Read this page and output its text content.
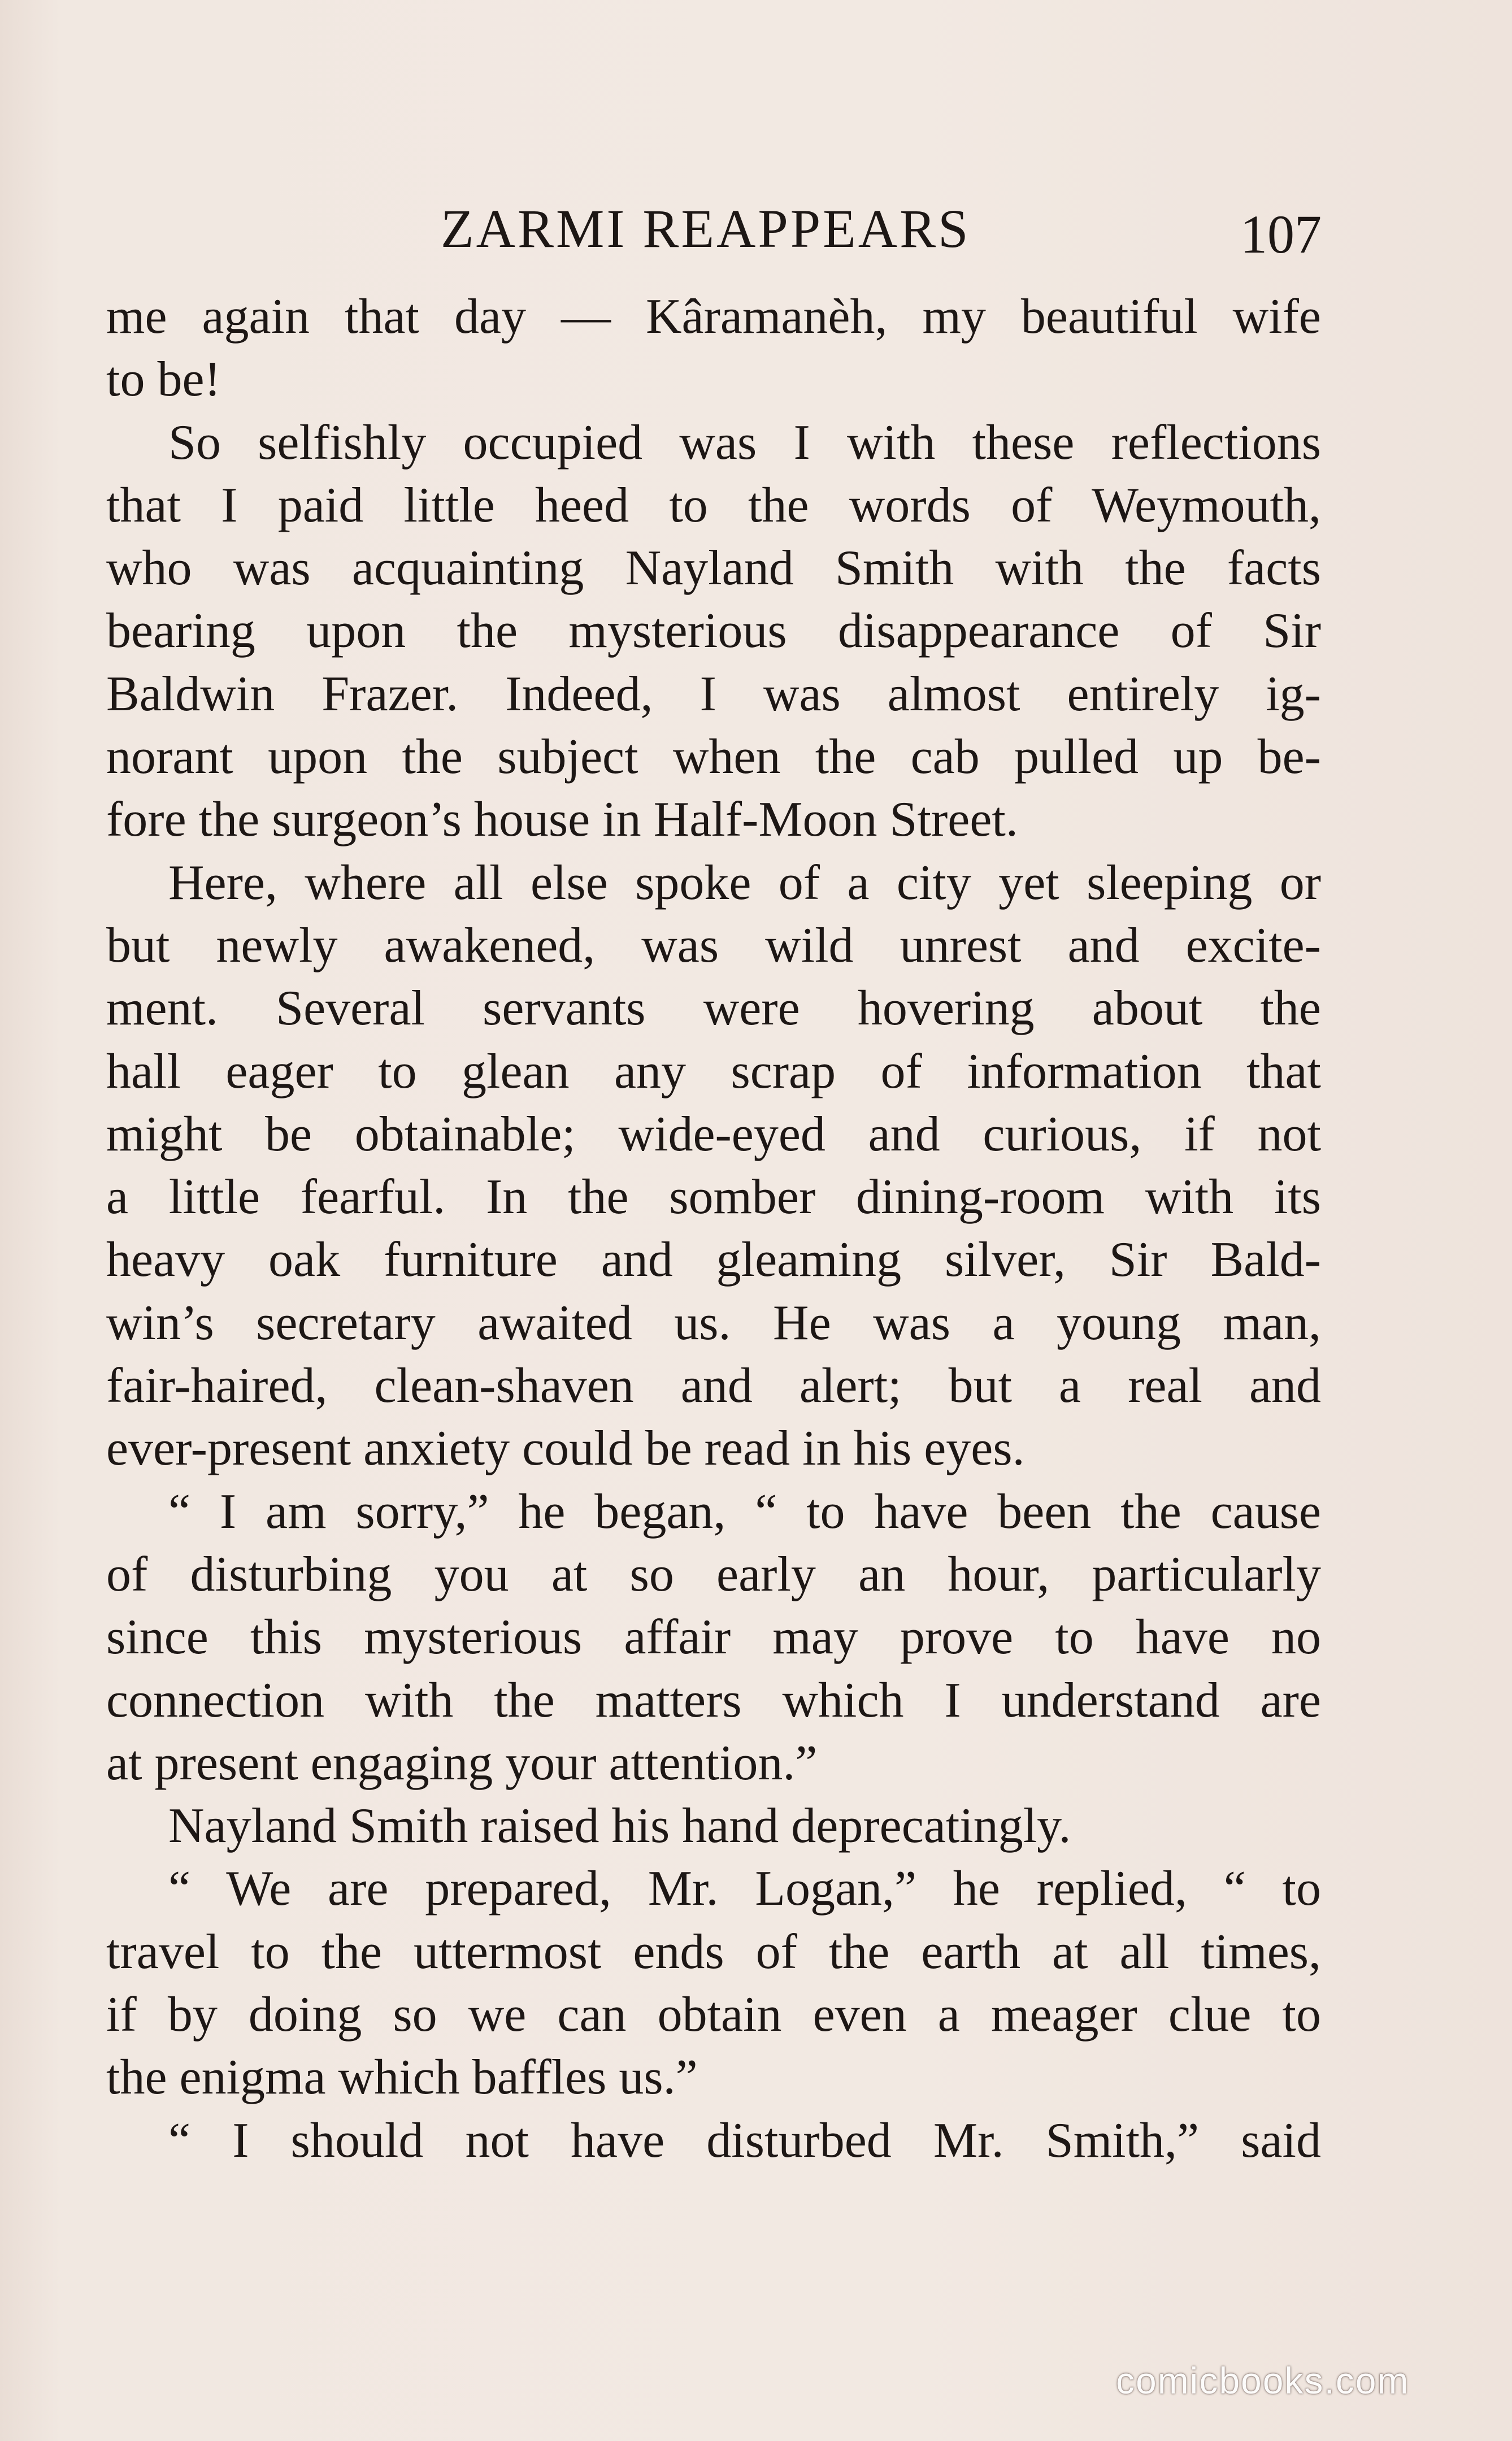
ZARMI REAPPEARS	107
me again that day — Kâramanèh, my beautiful wife
to be!
So selfishly occupied was I with these reflections
that I paid little heed to the words of Weymouth,
who was acquainting Nayland Smith with the facts
bearing upon the mysterious disappearance of Sir
Baldwin Frazer. Indeed, I was almost entirely ig-
norant upon the subject when the cab pulled up be-
fore the surgeon’s house in Half-Moon Street.
Here, where all else spoke of a city yet sleeping or
but newly awakened, was wild unrest and excite-
ment. Several servants were hovering about the
hall eager to glean any scrap of information that
might be obtainable; wide-eyed and curious, if not
a little fearful. In the somber dining-room with its
heavy oak furniture and gleaming silver, Sir Bald-
win’s secretary awaited us. He was a young man,
fair-haired, clean-shaven and alert; but a real and
ever-present anxiety could be read in his eyes.
“ I am sorry,” he began, “ to have been the cause
of disturbing you at so early an hour, particularly
since this mysterious affair may prove to have no
connection with the matters which I understand are
at present engaging your attention.”
Nayland Smith raised his hand deprecatingly.
“ We are prepared, Mr. Logan,” he replied, “ to
travel to the uttermost ends of the earth at all times,
if by doing so we can obtain even a meager clue to
the enigma which baffles us.”
“ I should not have disturbed Mr. Smith,” said
comicbooks.com
